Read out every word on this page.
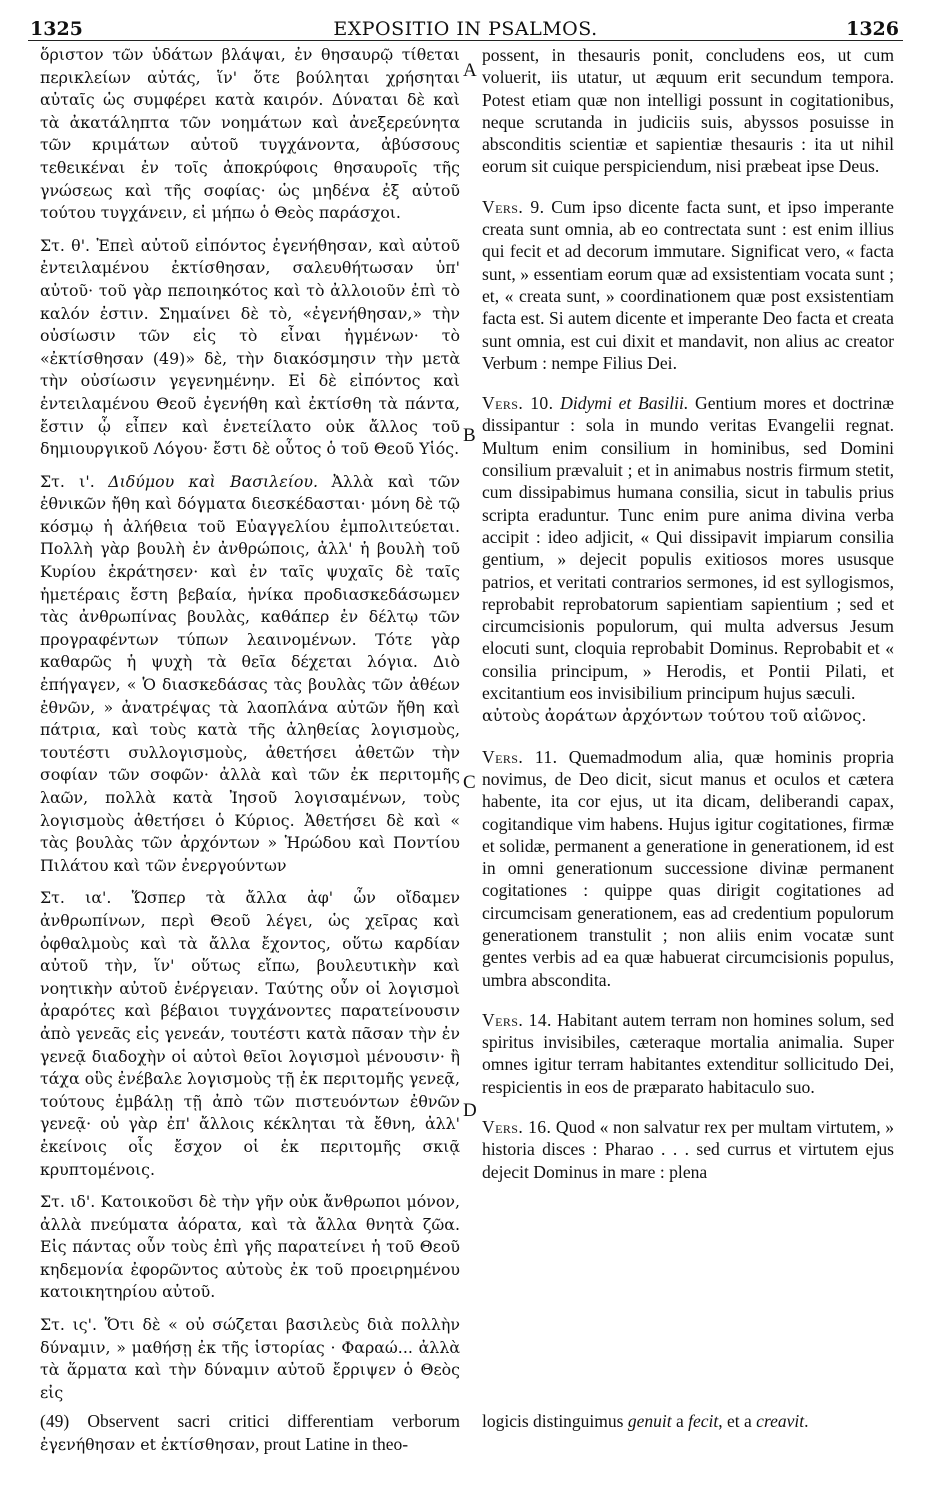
1325	EXPOSITIO IN PSALMOS.	1326

ὅριστον τῶν ὑδάτων βλάψαι, ἐν θησαυρῷ τίθεται περικλείων αὐτάς, ἵν' ὅτε βούληται χρήσηται αὐταῖς ὡς συμφέρει κατὰ καιρόν. Δύναται δὲ καὶ τὰ ἀκατάληπτα τῶν νοημάτων καὶ ἀνεξερεύνητα τῶν κριμάτων αὐτοῦ τυγχάνοντα, ἀβύσσους τεθεικέναι ἐν τοῖς ἀποκρύφοις θησαυροῖς τῆς γνώσεως καὶ τῆς σοφίας· ὡς μηδένα ἐξ αὐτοῦ τούτου τυγχάνειν, εἰ μήπω ὁ Θεὸς παράσχοι.

Στ. θ'. Ἐπεὶ αὐτοῦ εἰπόντος ἐγενήθησαν, καὶ αὐτοῦ ἐντειλαμένου ἐκτίσθησαν, σαλευθήτωσαν ὑπ' αὐτοῦ· τοῦ γὰρ πεποιηκότος καὶ τὸ ἀλλοιοῦν ἐπὶ τὸ καλόν ἐστιν. Σημαίνει δὲ τὸ, «ἐγενήθησαν,» τὴν οὐσίωσιν τῶν εἰς τὸ εἶναι ἠγμένων· τὸ «ἐκτίσθησαν (49)» δὲ, τὴν διακόσμησιν τὴν μετὰ τὴν οὐσίωσιν γεγενημένην. Εἰ δὲ εἰπόντος καὶ ἐντειλαμένου Θεοῦ ἐγενήθη καὶ ἐκτίσθη τὰ πάντα, ἔστιν ᾧ εἶπεν καὶ ἐνετείλατο οὐκ ἄλλος τοῦ δημιουργικοῦ Λόγου· ἔστι δὲ οὗτος ὁ τοῦ Θεοῦ Υἱός.

Στ. ι'. Διδύμου καὶ Βασιλείου. Ἀλλὰ καὶ τῶν ἐθνικῶν ἤθη καὶ δόγματα διεσκέδασται· μόνη δὲ τῷ κόσμῳ ἡ ἀλήθεια τοῦ Εὐαγγελίου ἐμπολιτεύεται. Πολλὴ γὰρ βουλὴ ἐν ἀνθρώποις, ἀλλ' ἡ βουλὴ τοῦ Κυρίου ἐκράτησεν· καὶ ἐν ταῖς ψυχαῖς δὲ ταῖς ἡμετέραις ἔστη βεβαία, ἡνίκα προδιασκεδάσωμεν τὰς ἀνθρωπίνας βουλὰς, καθάπερ ἐν δέλτῳ τῶν προγραφέντων τύπων λεαινομένων. Τότε γὰρ καθαρῶς ἡ ψυχὴ τὰ θεῖα δέχεται λόγια. Διὸ ἐπήγαγεν, « Ὁ διασκεδάσας τὰς βουλὰς τῶν ἀθέων ἐθνῶν, » ἀνατρέψας τὰ λαοπλάνα αὐτῶν ἤθη καὶ πάτρια, καὶ τοὺς κατὰ τῆς ἀληθείας λογισμοὺς, τουτέστι συλλογισμοὺς, ἀθετήσει ἀθετῶν τὴν σοφίαν τῶν σοφῶν· ἀλλὰ καὶ τῶν ἐκ περιτομῆς λαῶν, πολλὰ κατὰ Ἰησοῦ λογισαμένων, τοὺς λογισμοὺς ἀθετήσει ὁ Κύριος. Ἀθετήσει δὲ καὶ « τὰς βουλὰς τῶν ἀρχόντων » Ἡρώδου καὶ Ποντίου Πιλάτου καὶ τῶν ἐνεργούντων

Στ. ια'. Ὥσπερ τὰ ἄλλα ἀφ' ὧν οἴδαμεν ἀνθρωπίνων, περὶ Θεοῦ λέγει, ὡς χεῖρας καὶ ὀφθαλμοὺς καὶ τὰ ἄλλα ἔχοντος, οὕτω καρδίαν αὐτοῦ τὴν, ἵν' οὕτως εἴπω, βουλευτικὴν καὶ νοητικὴν αὐτοῦ ἐνέργειαν. Ταύτης οὖν οἱ λογισμοὶ ἀραρότες καὶ βέβαιοι τυγχάνοντες παρατείνουσιν ἀπὸ γενεᾶς εἰς γενεάν, τουτέστι κατὰ πᾶσαν τὴν ἐν γενεᾷ διαδοχὴν οἱ αὐτοὶ θεῖοι λογισμοὶ μένουσιν· ἢ τάχα οὓς ἐνέβαλε λογισμοὺς τῇ ἐκ περιτομῆς γενεᾷ, τούτους ἐμβάλῃ τῇ ἀπὸ τῶν πιστευόντων ἐθνῶν γενεᾷ· οὐ γὰρ ἐπ' ἄλλοις κέκληται τὰ ἔθνη, ἀλλ' ἐκείνοις οἷς ἔσχον οἱ ἐκ περιτομῆς σκιᾷ κρυπτομένοις.

Στ. ιδ'. Κατοικοῦσι δὲ τὴν γῆν οὐκ ἄνθρωποι μόνον, ἀλλὰ πνεύματα ἀόρατα, καὶ τὰ ἄλλα θνητὰ ζῶα. Εἰς πάντας οὖν τοὺς ἐπὶ γῆς παρατείνει ἡ τοῦ Θεοῦ κηδεμονία ἐφορῶντος αὐτοὺς ἐκ τοῦ προειρημένου κατοικητηρίου αὐτοῦ.

Στ. ις'. Ὅτι δὲ « οὐ σώζεται βασιλεὺς διὰ πολλὴν δύναμιν, » μαθήσῃ ἐκ τῆς ἱστορίας · Φαραώ... ἀλλὰ τὰ ἅρματα καὶ τὴν δύναμιν αὐτοῦ ἔρριψεν ὁ Θεὸς εἰς

A
B
C
D

possent, in thesauris ponit, concludens eos, ut cum voluerit, iis utatur, ut æquum erit secundum tempora. Potest etiam quæ non intelligi possunt in cogitationibus, neque scrutanda in judiciis suis, abyssos posuisse in absconditis scientiæ et sapientiæ thesauris : ita ut nihil eorum sit cuique perspiciendum, nisi præbeat ipse Deus.

Vers. 9. Cum ipso dicente facta sunt, et ipso imperante creata sunt omnia, ab eo contrectata sunt : est enim illius qui fecit et ad decorum immutare. Significat vero, « facta sunt, » essentiam eorum quæ ad exsistentiam vocata sunt ; et, « creata sunt, » coordinationem quæ post exsistentiam facta est. Si autem dicente et imperante Deo facta et creata sunt omnia, est cui dixit et mandavit, non alius ac creator Verbum : nempe Filius Dei.

Vers. 10. Didymi et Basilii. Gentium mores et doctrinæ dissipantur : sola in mundo veritas Evangelii regnat. Multum enim consilium in hominibus, sed Domini consilium prævaluit ; et in animabus nostris firmum stetit, cum dissipabimus humana consilia, sicut in tabulis prius scripta eraduntur. Tunc enim pure anima divina verba accipit : ideo adjicit, « Qui dissipavit impiarum consilia gentium, » dejecit populis exitiosos mores ususque patrios, et veritati contrarios sermones, id est syllogismos, reprobabit reprobatorum sapientiam sapientium ; sed et circumcisionis populorum, qui multa adversus Jesum elocuti sunt, cloquia reprobabit Dominus. Reprobabit et « consilia principum, » Herodis, et Pontii Pilati, et excitantium eos invisibilium principum hujus sæculi.
αὐτοὺς ἀοράτων ἀρχόντων τούτου τοῦ αἰῶνος.

Vers. 11. Quemadmodum alia, quæ hominis propria novimus, de Deo dicit, sicut manus et oculos et cætera habente, ita cor ejus, ut ita dicam, deliberandi capax, cogitandique vim habens. Hujus igitur cogitationes, firmæ et solidæ, permanent a generatione in generationem, id est in omni generationum successione divinæ permanent cogitationes : quippe quas dirigit cogitationes ad circumcisam generationem, eas ad credentium populorum generationem transtulit ; non aliis enim vocatæ sunt gentes verbis ad ea quæ habuerat circumcisionis populus, umbra abscondita.

Vers. 14. Habitant autem terram non homines solum, sed spiritus invisibiles, cæteraque mortalia animalia. Super omnes igitur terram habitantes extenditur sollicitudo Dei, respicientis in eos de præparato habitaculo suo.

Vers. 16. Quod « non salvatur rex per multam virtutem, » historia disces : Pharao . . . sed currus et virtutem ejus dejecit Dominus in mare : plena

(49) Observent sacri critici differentiam verborum ἐγενήθησαν et ἐκτίσθησαν, prout Latine in theo-

logicis distinguimus genuit a fecit, et a creavit.
